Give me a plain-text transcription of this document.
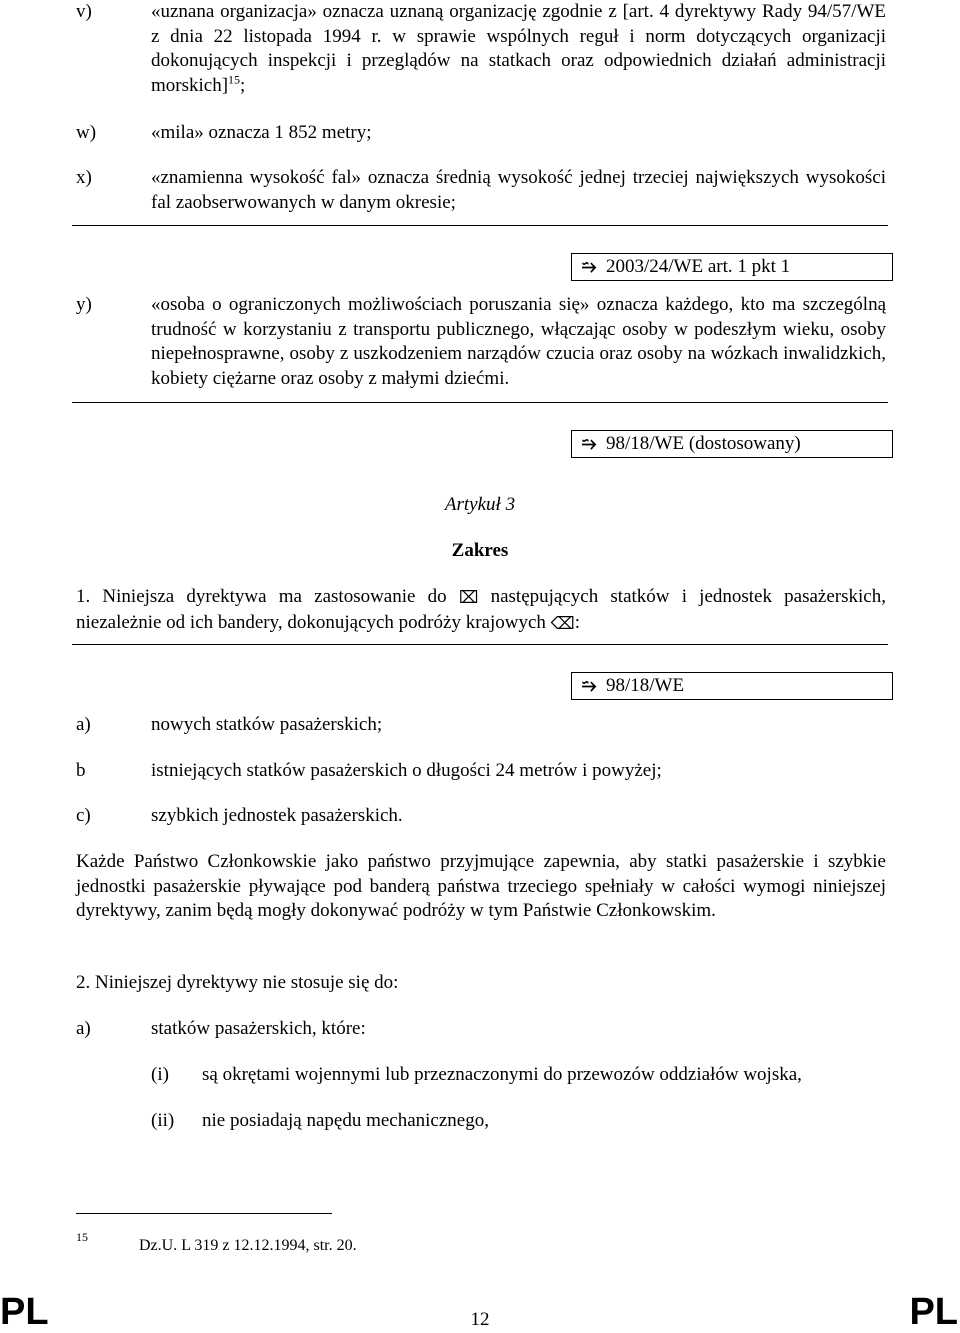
v)	«uznana organizacja» oznacza uznaną organizację zgodnie z [art. 4 dyrektywy Rady 94/57/WE z dnia 22 listopada 1994 r. w sprawie wspólnych reguł i norm dotyczących organizacji dokonujących inspekcji i przeglądów na statkach oraz odpowiednich działań administracji morskich]$^{15}$;
w)	«mila» oznacza 1 852 metry;
x)	«znamienna wysokość fal» oznacza średnią wysokość jednej trzeciej największych wysokości fal zaobserwowanych w danym okresie;
⭇ 2003/24/WE art. 1 pkt 1
y)	«osoba o ograniczonych możliwościach poruszania się» oznacza każdego, kto ma szczególną trudność w korzystaniu z transportu publicznego, włączając osoby w podeszłym wieku, osoby niepełnosprawne, osoby z uszkodzeniem narządów czucia oraz osoby na wózkach inwalidzkich, kobiety ciężarne oraz osoby z małymi dziećmi.
⭇ 98/18/WE (dostosowany)
Artykuł 3
Zakres
1. Niniejsza dyrektywa ma zastosowanie do ⌧ następujących statków i jednostek pasażerskich, niezależnie od ich bandery, dokonujących podróży krajowych ⌫:
⭇ 98/18/WE
a)	nowych statków pasażerskich;
b	istniejących statków pasażerskich o długości 24 metrów i powyżej;
c)	szybkich jednostek pasażerskich.
Każde Państwo Członkowskie jako państwo przyjmujące zapewnia, aby statki pasażerskie i szybkie jednostki pasażerskie pływające pod banderą państwa trzeciego spełniały w całości wymogi niniejszej dyrektywy, zanim będą mogły dokonywać podróży w tym Państwie Członkowskim.
2. Niniejszej dyrektywy nie stosuje się do:
a)	statków pasażerskich, które:
(i) są okrętami wojennymi lub przeznaczonymi do przewozów oddziałów wojska,
(ii) nie posiadają napędu mechanicznego,
15	Dz.U. L 319 z 12.12.1994, str. 20.
PL	12	PL
